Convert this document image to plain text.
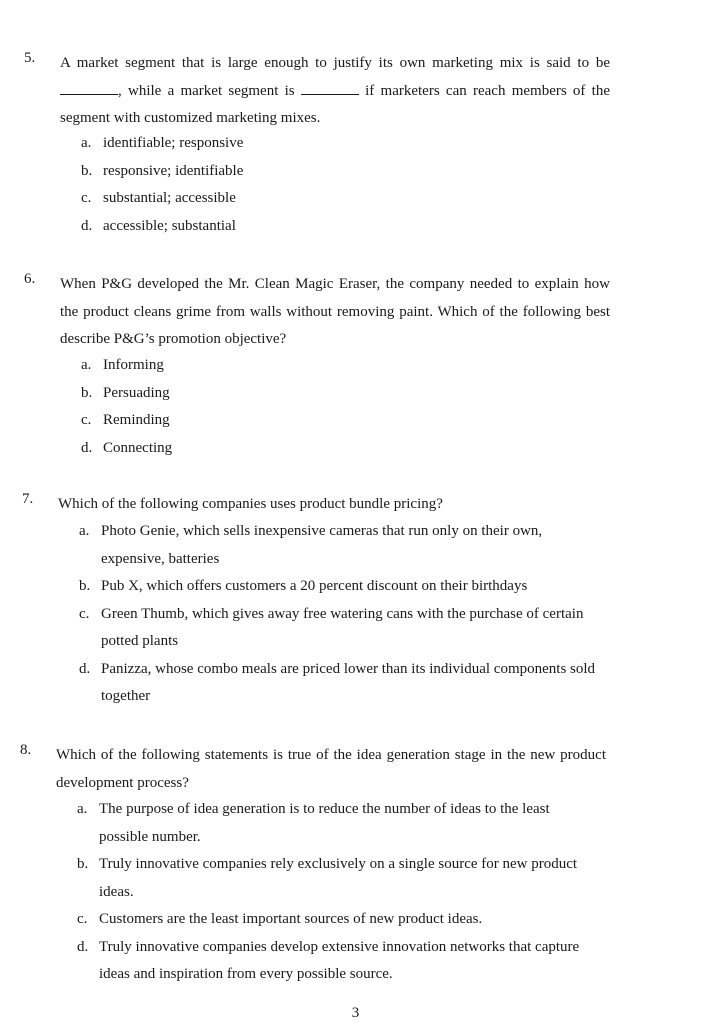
5.	A market segment that is large enough to justify its own marketing mix is said to be , while a market segment is	if marketers can reach members of the segment with customized marketing mixes.
a. identifiable; responsive
b. responsive; identifiable
c. substantial; accessible
d. accessible; substantial
6.	When P&G developed the Mr. Clean Magic Eraser, the company needed to explain how the product cleans grime from walls without removing paint. Which of the following best describe P&G’s promotion objective?
a. Informing
b. Persuading
c. Reminding
d. Connecting
7.	Which of the following companies uses product bundle pricing?
a. Photo Genie, which sells inexpensive cameras that run only on their own, expensive, batteries
b. Pub X, which offers customers a 20 percent discount on their birthdays
c. Green Thumb, which gives away free watering cans with the purchase of certain potted plants
d. Panizza, whose combo meals are priced lower than its individual components sold together
8.	Which of the following statements is true of the idea generation stage in the new product development process?
a. The purpose of idea generation is to reduce the number of ideas to the least possible number.
b. Truly innovative companies rely exclusively on a single source for new product ideas.
c. Customers are the least important sources of new product ideas.
d. Truly innovative companies develop extensive innovation networks that capture ideas and inspiration from every possible source.
3
